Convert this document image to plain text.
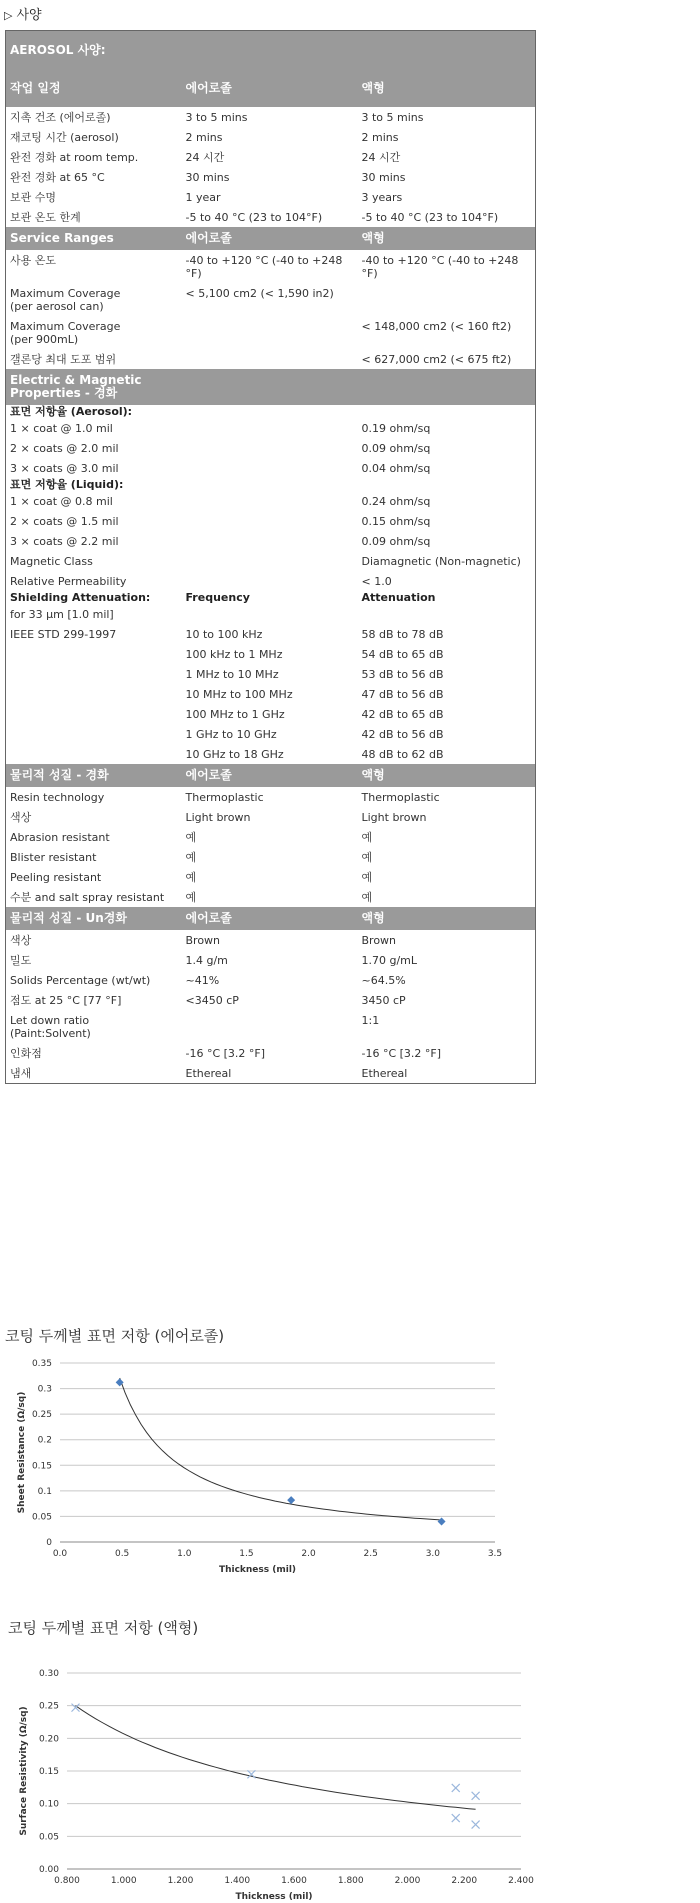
▷ 사양
AEROSOL 사양:		
작업 일정	에어로졸	액형
지촉 건조 (에어로졸)	3 to 5 mins	3 to 5 mins
재코팅 시간 (aerosol)	2 mins	2 mins
완전 경화 at room temp.	24 시간	24 시간
완전 경화 at 65 °C	30 mins	30 mins
보관 수명	1 year	3 years
보관 온도 한계	-5 to 40 °C (23 to 104°F)	-5 to 40 °C (23 to 104°F)
Service Ranges	에어로졸	액형
사용 온도	-40 to +120 °C (-40 to +248 °F)	-40 to +120 °C (-40 to +248 °F)
Maximum Coverage
(per aerosol can)	< 5,100 cm2 (< 1,590 in2)	
Maximum Coverage
(per 900mL)		< 148,000 cm2 (< 160 ft2)
갤론당 최대 도포 범위		< 627,000 cm2 (< 675 ft2)
Electric & Magnetic Properties - 경화		
표면 저항율 (Aerosol):		
1 × coat @ 1.0 mil		0.19 ohm/sq
2 × coats @ 2.0 mil		0.09 ohm/sq
3 × coats @ 3.0 mil		0.04 ohm/sq
표면 저항율 (Liquid):		
1 × coat @ 0.8 mil		0.24 ohm/sq
2 × coats @ 1.5 mil		0.15 ohm/sq
3 × coats @ 2.2 mil		0.09 ohm/sq
Magnetic Class		Diamagnetic (Non-magnetic)
Relative Permeability		< 1.0
Shielding Attenuation:	Frequency	Attenuation
for 33 µm [1.0 mil]		
IEEE STD 299-1997	10 to 100 kHz	58 dB to 78 dB
	100 kHz to 1 MHz	54 dB to 65 dB
	1 MHz to 10 MHz	53 dB to 56 dB
	10 MHz to 100 MHz	47 dB to 56 dB
	100 MHz to 1 GHz	42 dB to 65 dB
	1 GHz to 10 GHz	42 dB to 56 dB
	10 GHz to 18 GHz	48 dB to 62 dB
물리적 성질 - 경화	에어로졸	액형
Resin technology	Thermoplastic	Thermoplastic
색상	Light brown	Light brown
Abrasion resistant	예	예
Blister resistant	예	예
Peeling resistant	예	예
수분 and salt spray resistant	예	예
물리적 성질 - Un경화	에어로졸	액형
색상	Brown	Brown
밀도	1.4 g/m	1.70 g/mL
Solids Percentage (wt/wt)	~41%	~64.5%
점도 at 25 °C [77 °F]	<3450 cP	3450 cP
Let down ratio
(Paint:Solvent)		1:1
인화점	-16 °C [3.2 °F]	-16 °C [3.2 °F]
냄새	Ethereal	Ethereal
코팅 두께별 표면 저항 (에어로졸)
0
0.05
0.1
0.15
0.2
0.25
0.3
0.35
0.0	0.5	1.0	1.5	2.0	2.5	3.0	3.5
Thickness (mil)
Sheet Resistance (Ω/sq)
코팅 두께별 표면 저항 (액형)
0.00
0.05
0.10
0.15
0.20
0.25
0.30
0.800	1.000	1.200	1.400	1.600	1.800	2.000	2.200	2.400
Thickness (mil)
Surface Resistivity (Ω/sq)
